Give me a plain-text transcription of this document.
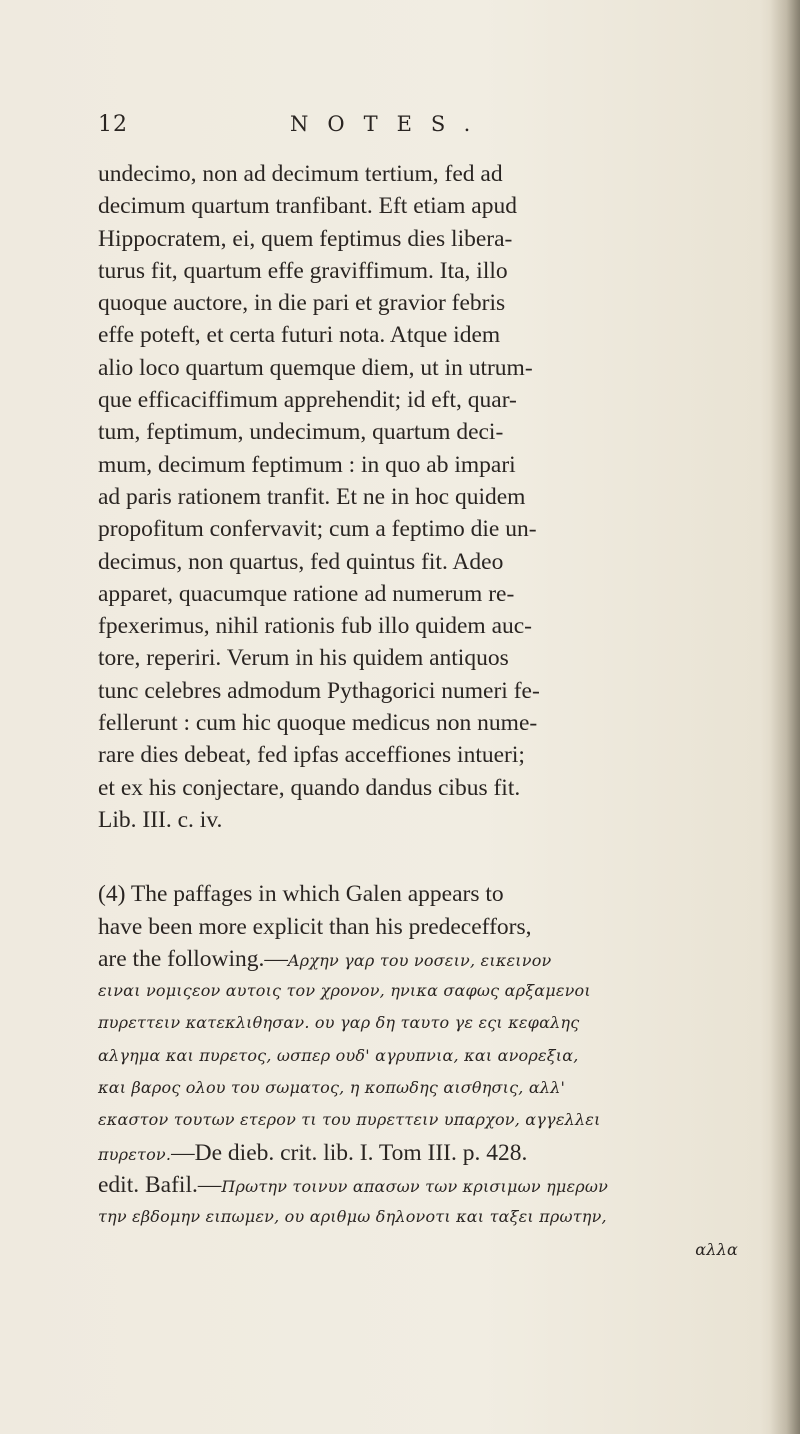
12	NOTES.
undecimo, non ad decimum tertium, fed ad
decimum quartum tranfibant. Eft etiam apud
Hippocratem, ei, quem feptimus dies libera-
turus fit, quartum effe graviffimum. Ita, illo
quoque auctore, in die pari et gravior febris
effe poteft, et certa futuri nota. Atque idem
alio loco quartum quemque diem, ut in utrum-
que efficaciffimum apprehendit; id eft, quar-
tum, feptimum, undecimum, quartum deci-
mum, decimum feptimum : in quo ab impari
ad paris rationem tranfit. Et ne in hoc quidem
propofitum confervavit; cum a feptimo die un-
decimus, non quartus, fed quintus fit. Adeo
apparet, quacumque ratione ad numerum re-
fpexerimus, nihil rationis fub illo quidem auc-
tore, reperiri. Verum in his quidem antiquos
tunc celebres admodum Pythagorici numeri fe-
fellerunt : cum hic quoque medicus non nume-
rare dies debeat, fed ipfas acceffiones intueri;
et ex his conjectare, quando dandus cibus fit.
Lib. III. c. iv.
(4) The paffages in which Galen appears to
have been more explicit than his predeceffors,
are the following.—Αρχην γαρ του νοσειν, εικεινον
ειναι νομιςεον αυτοις τον χρονον, ηνικα σαφως αρξαμενοι
πυρεττειν κατεκλιθησαν. ου γαρ δη ταυτο γε εςι κεφαλης
αλγημα και πυρετος, ωσπερ ουδ' αγρυπνια, και ανορεξια,
και βαρος ολου του σωματος, η κοπωδης αισθησις, αλλ'
εκαστον τουτων ετερον τι του πυρεττειν υπαρχον, αγγελλει
πυρετον.—De dieb. crit. lib. I. Tom III. p. 428.
edit. Bafil.—Πρωτην τοινυν απασων των κρισιμων ημερων
την εβδομην ειπωμεν, ου αριθμω δηλονοτι και ταξει πρωτην,
αλλα
